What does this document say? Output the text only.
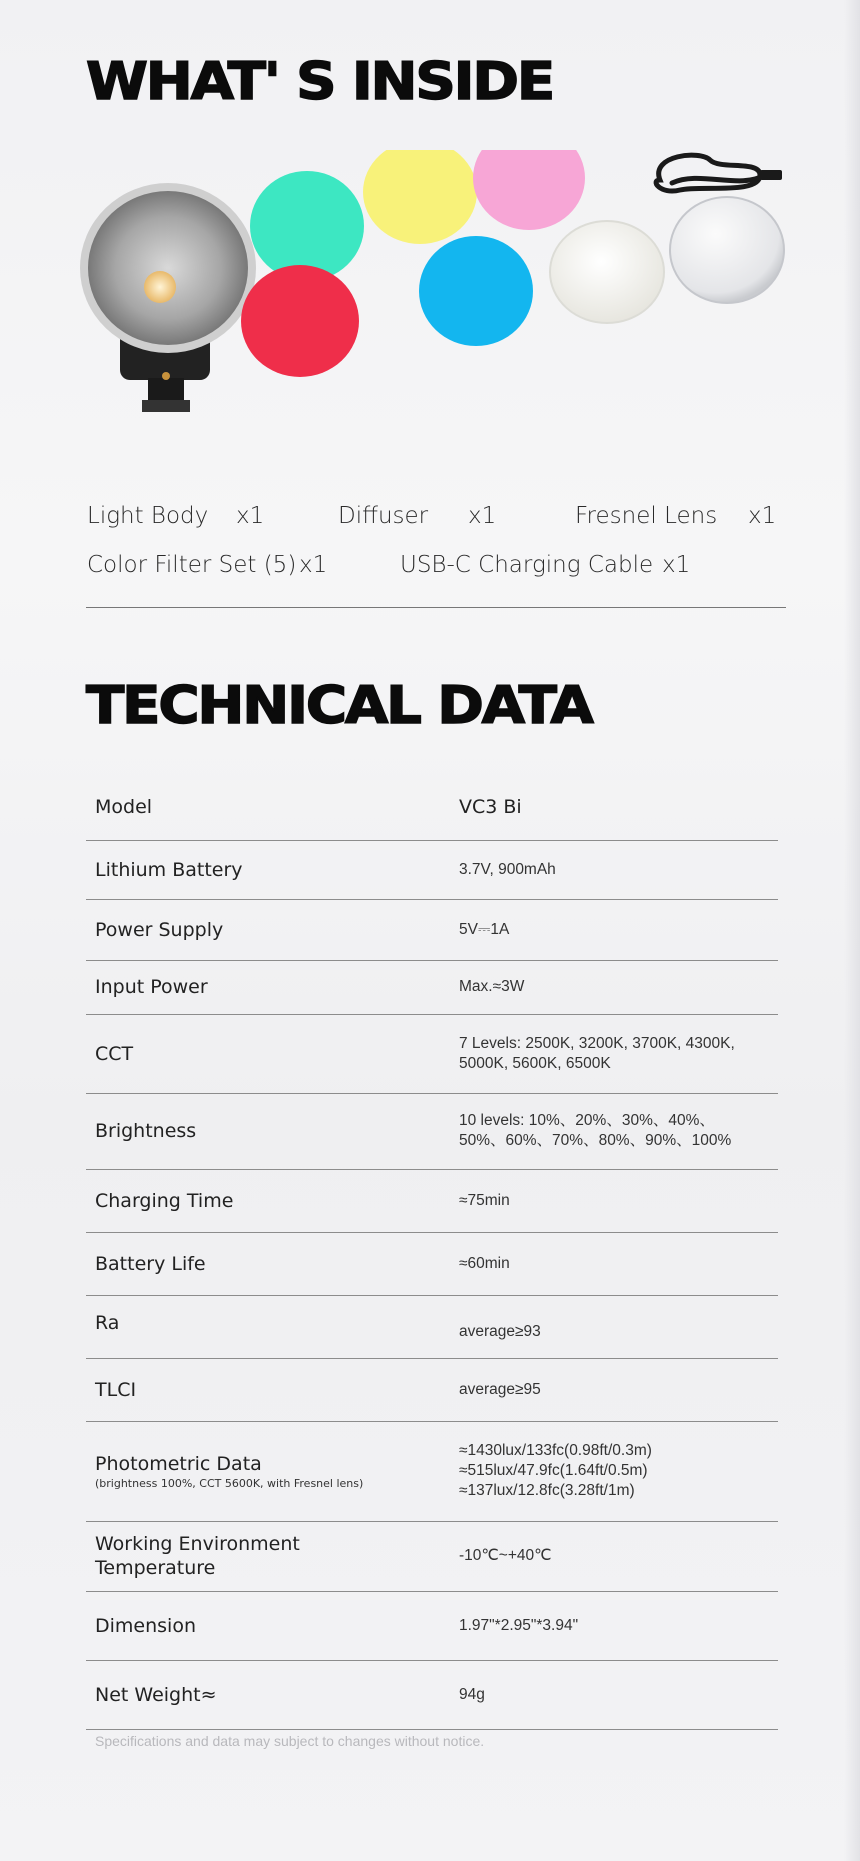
WHAT' S INSIDE
Light Body x1	Diffuser x1	Fresnel Lens x1
Color Filter Set (5) x1	USB-C Charging Cable x1
TECHNICAL DATA
Model	VC3 Bi
Lithium Battery	3.7V, 900mAh
Power Supply	5V⎓1A
Input Power	Max.≈3W
CCT	7 Levels: 2500K, 3200K, 3700K, 4300K,
5000K, 5600K, 6500K

Brightness	10 levels: 10%、20%、30%、40%、
50%、60%、70%、80%、90%、100%

Charging Time	≈75min
Battery Life	≈60min
Ra	average≥93
TLCI	average≥95
Photometric Data
(brightness 100%, CCT 5600K, with Fresnel lens)	≈1430lux/133fc(0.98ft/0.3m)
≈515lux/47.9fc(1.64ft/0.5m)
≈137lux/12.8fc(3.28ft/1m)

Working Environment
Temperature	-10℃~+40℃
Dimension	1.97"*2.95"*3.94"
Net Weight≈	94g
Specifications and data may subject to changes without notice.
